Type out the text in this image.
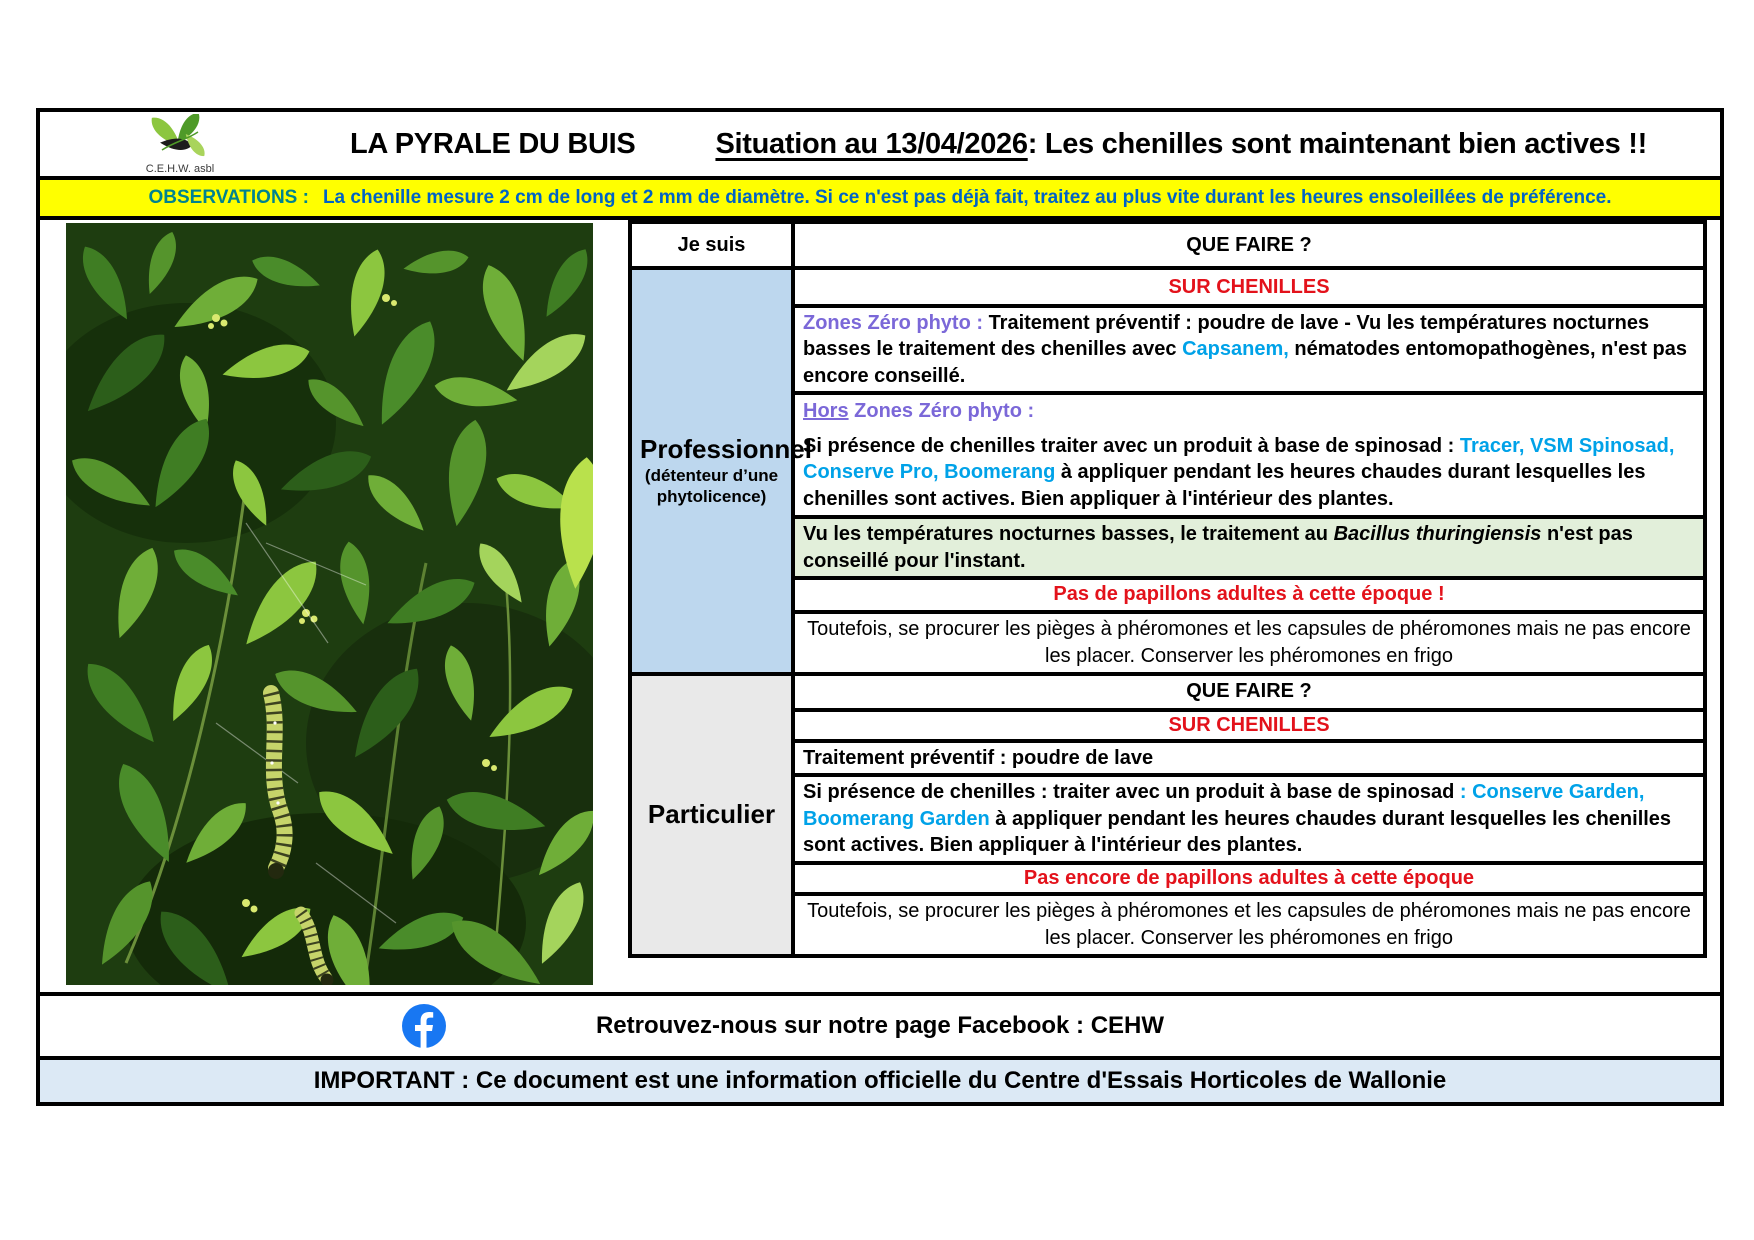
C.E.H.W. asbl
LA PYRALE DU BUIS	Situation au 13/04/2026: Les chenilles sont maintenant bien actives !!
OBSERVATIONS : La chenille mesure 2 cm de long et 2 mm de diamètre. Si ce n'est pas déjà fait, traitez au plus vite durant les heures ensoleillées de préférence.
Je suis	QUE FAIRE ?

Professionnel
(détenteur d’une
phytolicence)	SUR CHENILLES
	Zones Zéro phyto : Traitement préventif : poudre de lave - Vu les températures nocturnes basses le traitement des chenilles avec Capsanem, nématodes entomopathogènes, n'est pas encore conseillé.

	Hors Zones Zéro phyto :
Si présence de chenilles traiter avec un produit à base de spinosad : Tracer, VSM Spinosad, Conserve Pro, Boomerang à appliquer pendant les heures chaudes durant lesquelles les chenilles sont actives. Bien appliquer à l'intérieur des plantes.

	Vu les températures nocturnes basses, le traitement au Bacillus thuringiensis n'est pas conseillé pour l'instant.
	Pas de papillons adultes à cette époque !
	Toutefois, se procurer les pièges à phéromones et les capsules de phéromones mais ne pas encore les placer. Conserver les phéromones en frigo

Particulier	QUE FAIRE ?
	SUR CHENILLES
	Traitement préventif : poudre de lave
	Si présence de chenilles : traiter avec un produit à base de spinosad : Conserve Garden, Boomerang Garden à appliquer pendant les heures chaudes durant lesquelles les chenilles sont actives. Bien appliquer à l'intérieur des plantes.
	Pas encore de papillons adultes à cette époque
	Toutefois, se procurer les pièges à phéromones et les capsules de phéromones mais ne pas encore les placer. Conserver les phéromones en frigo
Retrouvez-nous sur notre page Facebook : CEHW
IMPORTANT : Ce document est une information officielle du Centre d'Essais Horticoles de Wallonie
